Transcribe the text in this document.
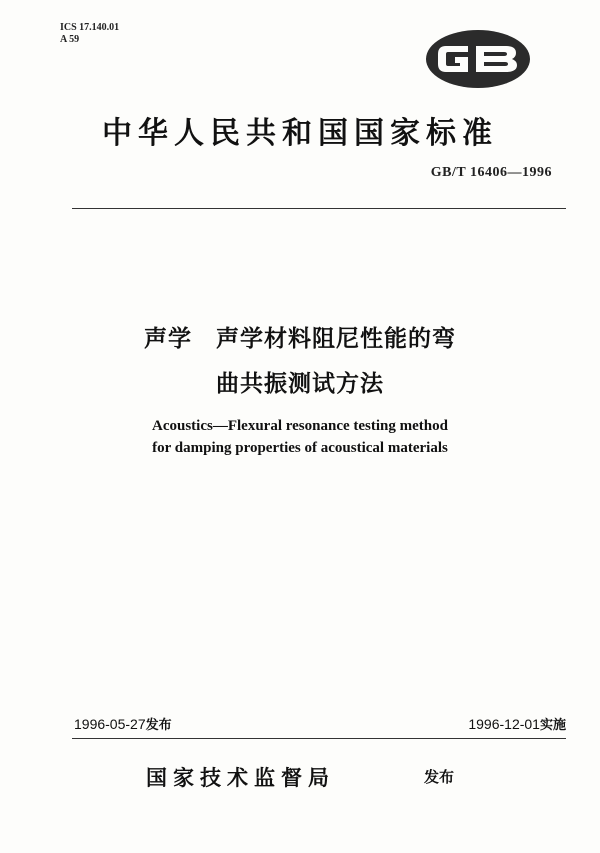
ICS 17.140.01
A 59
中华人民共和国国家标准
GB/T 16406—1996
声学　声学材料阻尼性能的弯
曲共振测试方法
Acoustics—Flexural resonance testing method
for damping properties of acoustical materials
1996-05-27发布	1996-12-01实施
国家技术监督局	发布
